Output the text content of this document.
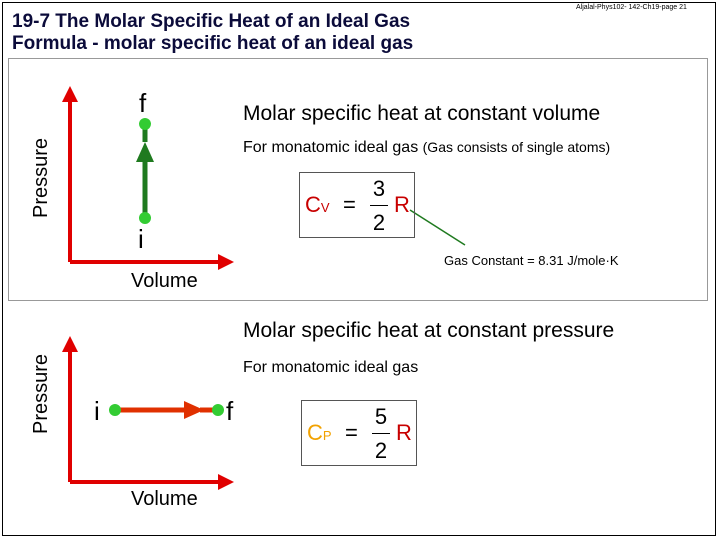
Aljalal-Phys102- 142-Ch19-page 21
19-7 The Molar Specific Heat of an Ideal Gas
Formula - molar specific heat of an ideal gas
Pressure
Volume
f
i
Molar specific heat at constant volume
For monatomic ideal gas (Gas consists of single atoms)
CV =
3
2
R
Gas Constant = 8.31 J/mole·K
Pressure
Volume
i	f
Molar specific heat at constant pressure
For monatomic ideal gas
CP =
5
2
R
